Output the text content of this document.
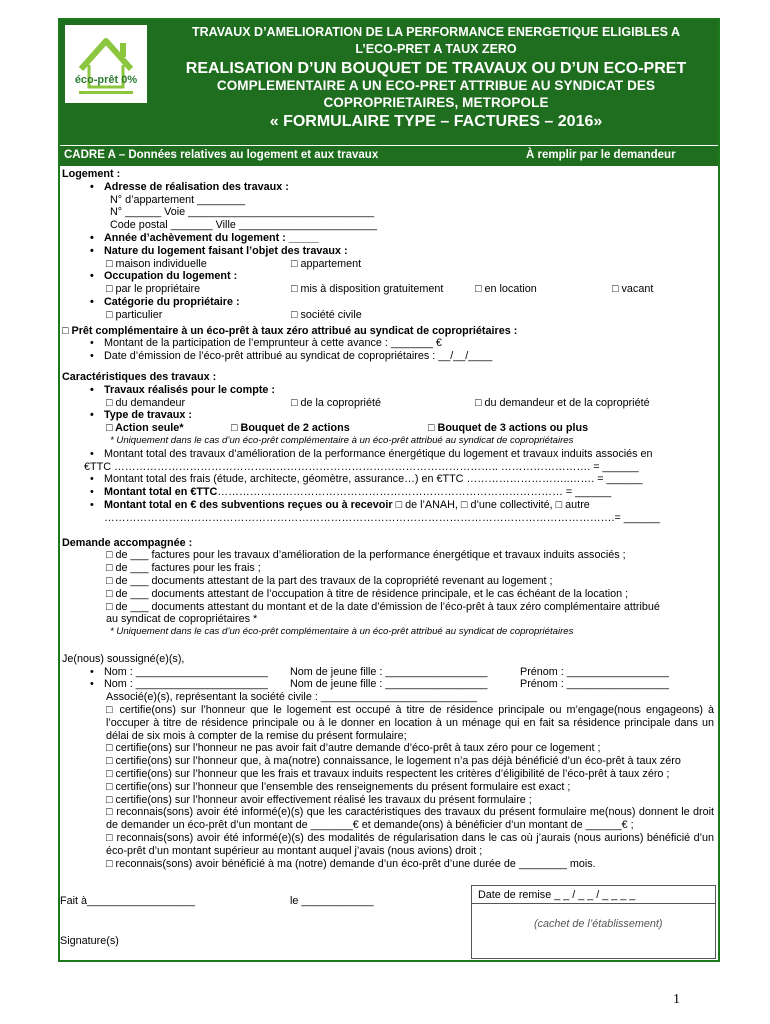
éco-prêt 0%
TRAVAUX D’AMELIORATION DE LA PERFORMANCE ENERGETIQUE ELIGIBLES A
L’ECO-PRET A TAUX ZERO
REALISATION D’UN BOUQUET DE TRAVAUX OU D’UN ECO-PRET
COMPLEMENTAIRE A UN ECO-PRET ATTRIBUE AU SYNDICAT DES
COPROPRIETAIRES, METROPOLE
« FORMULAIRE TYPE – FACTURES – 2016»
CADRE A – Données relatives au logement et aux travaux	À remplir par le demandeur

Logement :

• Adresse de réalisation des travaux :

N° d’appartement ________

N° ______ Voie _______________________________

Code postal _______ Ville _______________________

• Année d’achèvement du logement : _____

• Nature du logement faisant l’objet des travaux :

□ maison individuelle	□ appartement

• Occupation du logement :

□ par le propriétaire	□ mis à disposition gratuitement	□ en location	□ vacant

• Catégorie du propriétaire :

□ particulier	□ société civile

□ Prêt complémentaire à un éco-prêt à taux zéro attribué au syndicat de copropriétaires :

• Montant de la participation de l’emprunteur à cette avance : _______ €

• Date d’émission de l’éco-prêt attribué au syndicat de copropriétaires : __/__/____

Caractéristiques des travaux :

• Travaux réalisés pour le compte :

□ du demandeur	□ de la copropriété	□ du demandeur et de la copropriété

• Type de travaux :

□ Action seule*	□ Bouquet de 2 actions	□ Bouquet de 3 actions ou plus

* Uniquement dans le cas d’un éco-prêt complémentaire à un éco-prêt attribué au syndicat de copropriétaires

• Montant total des travaux d’amélioration de la performance énergétique du logement et travaux induits associés en

€TTC …………………………………………………………………………………………….. ……………………. = ______

• Montant total des frais (étude, architecte, géomètre, assurance…) en €TTC ………………………..……. = ______

• Montant total en €TTC…………………………………………………………………………………… = ______

• Montant total en € des subventions reçues ou à recevoir □ de l’ANAH, □ d’une collectivité, □ autre

…………………………………………………………………………………………………………………………….= ______

Demande accompagnée :

□ de ___ factures pour les travaux d’amélioration de la performance énergétique et travaux induits associés ;

□ de ___ factures pour les frais ;

□ de ___ documents attestant de la part des travaux de la copropriété revenant au logement ;

□ de ___ documents attestant de l’occupation à titre de résidence principale, et le cas échéant de la location ;

□ de ___ documents attestant du montant et de la date d’émission de l’éco-prêt à taux zéro complémentaire attribué

au syndicat de copropriétaires *

* Uniquement dans le cas d’un éco-prêt complémentaire à un éco-prêt attribué au syndicat de copropriétaires

Je(nous) soussigné(e)(s),

• Nom : ______________________ Nom de jeune fille : _________________	Prénom : _________________
• Nom : ______________________ Nom de jeune fille : _________________	Prénom : _________________

Associé(e)(s), représentant la société civile : __________________________

□ certifie(ons) sur l’honneur que le logement est occupé à titre de résidence principale ou m’engage(nous engageons) à l’occuper à titre de résidence principale ou à le donner en location à un ménage qui en fait sa résidence principale dans un délai de six mois à compter de la remise du présent formulaire;

□ certifie(ons) sur l’honneur ne pas avoir fait d’autre demande d’éco-prêt à taux zéro pour ce logement ;

□ certifie(ons) sur l’honneur que, à ma(notre) connaissance, le logement n’a pas déjà bénéficié d’un éco-prêt à taux zéro

□ certifie(ons) sur l’honneur que les frais et travaux induits respectent les critères d’éligibilité de l’éco-prêt à taux zéro ;

□ certifie(ons) sur l’honneur que l’ensemble des renseignements du présent formulaire est exact ;

□ certifie(ons) sur l’honneur avoir effectivement réalisé les travaux du présent formulaire ;

□ reconnais(sons) avoir été informé(e)(s) que les caractéristiques des travaux du présent formulaire me(nous) donnent le droit de demander un éco-prêt d’un montant de _______€ et demande(ons) à bénéficier d’un montant de ______€ ;

□ reconnais(sons) avoir été informé(e)(s) des modalités de régularisation dans le cas où j’aurais (nous aurions) bénéficié d’un éco-prêt d’un montant supérieur au montant auquel j’avais (nous avions) droit ;

□ reconnais(sons) avoir bénéficié à ma (notre) demande d’un éco-prêt d’une durée de ________ mois.

Fait à__________________	le ____________
Signature(s)
Date de remise _ _ / _ _ / _ _ _ _
(cachet de l’établissement)
1
